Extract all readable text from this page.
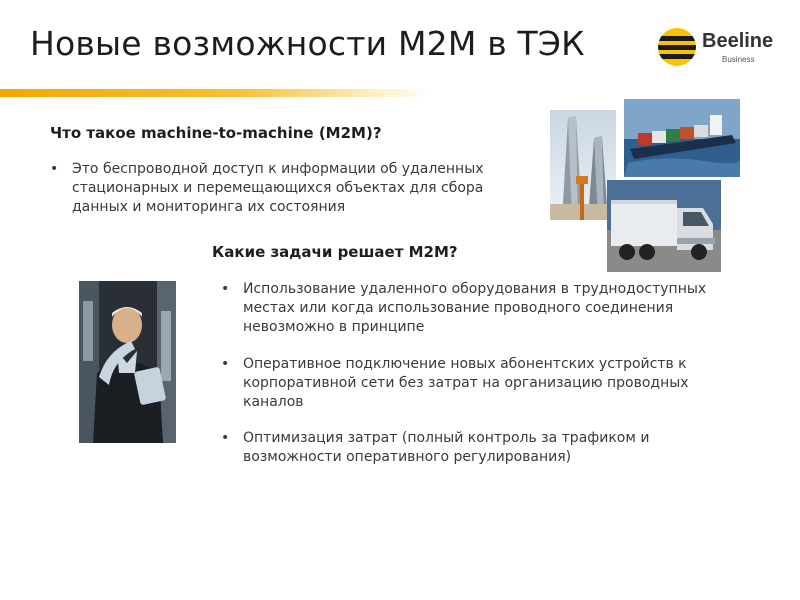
Новые возможности М2М в ТЭК	Beeline
Business
Что такое machine-to-machine (M2M)?
• Это беспроводной доступ к информации об удаленных стационарных и перемещающихся объектах для сбора данных и мониторинга их состояния
Какие задачи решает M2M?
• Использование удаленного оборудования в труднодоступных местах или когда использование проводного соединения невозможно в принципе
• Оперативное подключение новых абонентских устройств к корпоративной сети без затрат на организацию проводных каналов
• Оптимизация затрат (полный контроль за трафиком и возможности оперативного регулирования)
